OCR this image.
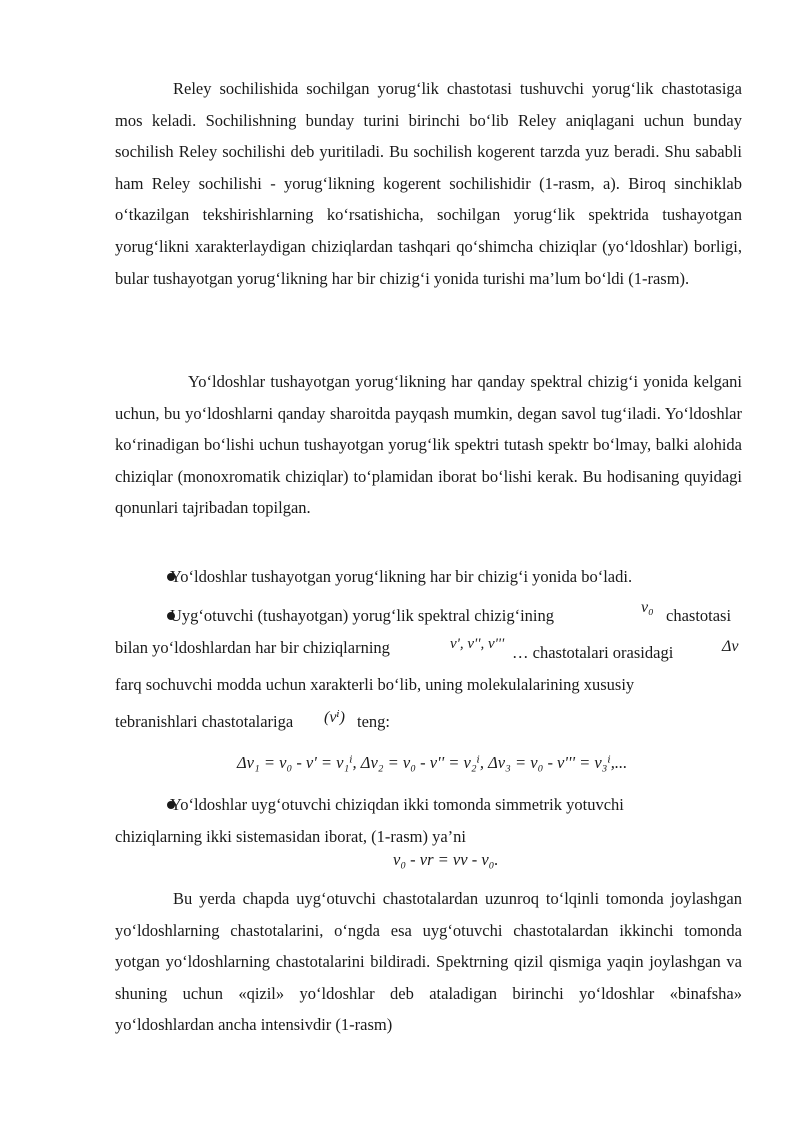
Reley sochilishida sochilgan yorug‘lik chastotasi tushuvchi yorug‘lik chastotasiga mos keladi. Sochilishning bunday turini birinchi bo‘lib Reley aniqlagani uchun bunday sochilish Reley sochilishi deb yuritiladi. Bu sochilish kogerent tarzda yuz beradi. Shu sababli ham Reley sochilishi - yorug‘likning kogerent sochilishidir (1-rasm, a). Biroq sinchiklab o‘tkazilgan tekshirishlarning ko‘rsatishicha, sochilgan yorug‘lik spektrida tushayotgan yorug‘likni xarakterlaydigan chiziqlardan tashqari qo‘shimcha chiziqlar (yo‘ldoshlar) borligi, bular tushayotgan yorug‘likning har bir chizig‘i yonida turishi ma’lum bo‘ldi (1-rasm).

Yo‘ldoshlar tushayotgan yorug‘likning har qanday spektral chizig‘i yonida kelgani uchun, bu yo‘ldoshlarni qanday sharoitda payqash mumkin, degan savol tug‘iladi. Yo‘ldoshlar ko‘rinadigan bo‘lishi uchun tushayotgan yorug‘lik spektri tutash spektr bo‘lmay, balki alohida chiziqlar (monoxromatik chiziqlar) to‘plamidan iborat bo‘lishi kerak. Bu hodisaning quyidagi qonunlari tajribadan topilgan.

Yo‘ldoshlar tushayotgan yorug‘likning har bir chizig‘i yonida bo‘ladi.

Uyg‘otuvchi (tushayotgan) yorug‘lik spektral chizig‘ining	ν₀ chastotasi

bilan yo‘ldoshlardan har bir chiziqlarning	ν', ν'', ν''' … chastotalari orasidagi	Δν

farq sochuvchi modda uchun xarakterli bo‘lib, uning molekulalarining xususiy

tebranishlari chastotalariga	(νⁱ) teng:
Δν₁ = ν₀ - ν' = ν₁ⁱ, Δν₂ = ν₀ - ν'' = ν₂ⁱ, Δν₃ = ν₀ - ν''' = ν₃ⁱ,...

Yo‘ldoshlar uyg‘otuvchi chiziqdan ikki tomonda simmetrik yotuvchi

chiziqlarning ikki sistemasidan iborat, (1-rasm) ya’ni

ν₀ - νr = νv - ν₀.

Bu yerda chapda uyg‘otuvchi chastotalardan uzunroq to‘lqinli tomonda joylashgan yo‘ldoshlarning chastotalarini, o‘ngda esa uyg‘otuvchi chastotalardan ikkinchi tomonda yotgan yo‘ldoshlarning chastotalarini bildiradi. Spektrning qizil qismiga yaqin joylashgan va shuning uchun «qizil» yo‘ldoshlar deb ataladigan birinchi yo‘ldoshlar «binafsha» yo‘ldoshlardan ancha intensivdir (1-rasm)
